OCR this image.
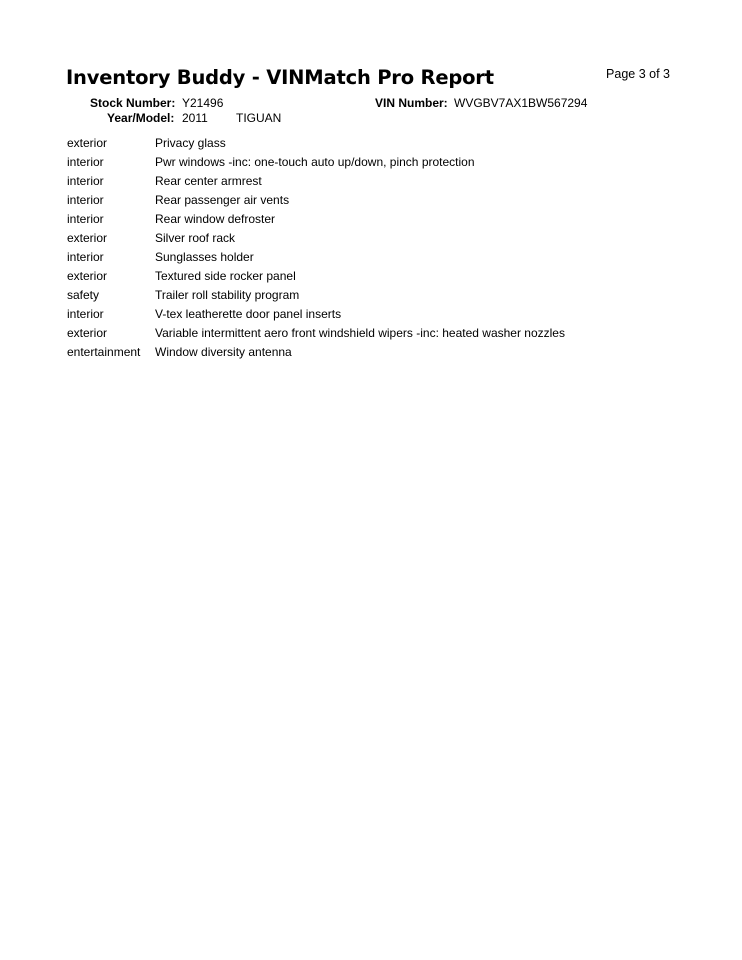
Inventory Buddy - VINMatch Pro Report	Page 3 of 3
Stock Number: Y21496	VIN Number: WVGBV7AX1BW567294
Year/Model: 2011 TIGUAN
exterior	Privacy glass
interior	Pwr windows -inc: one-touch auto up/down, pinch protection
interior	Rear center armrest
interior	Rear passenger air vents
interior	Rear window defroster
exterior	Silver roof rack
interior	Sunglasses holder
exterior	Textured side rocker panel
safety	Trailer roll stability program
interior	V-tex leatherette door panel inserts
exterior	Variable intermittent aero front windshield wipers -inc: heated washer nozzles
entertainment	Window diversity antenna
